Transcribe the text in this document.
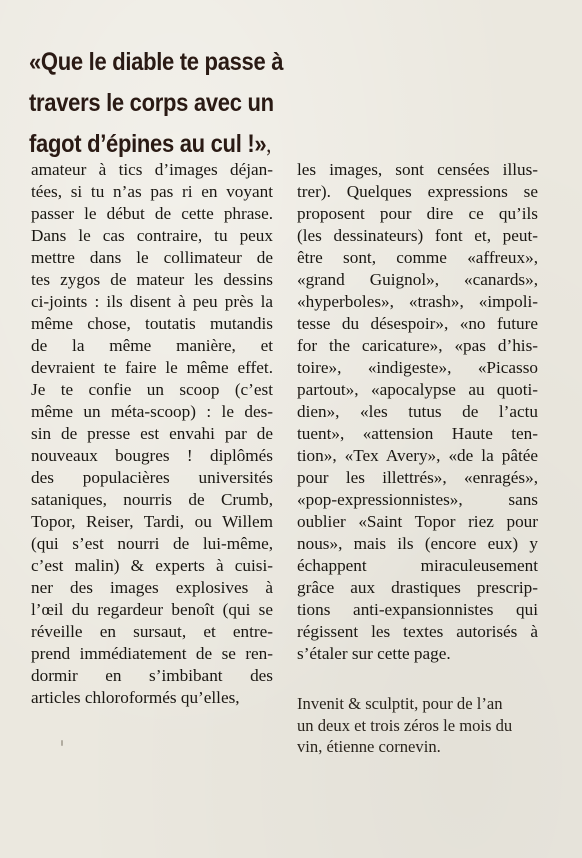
«Que le diable te passe à
travers le corps avec un
fagot d’épines au cul !»,
amateur à tics d’images déjan-
tées, si tu n’as pas ri en voyant
passer le début de cette phrase.
Dans le cas contraire, tu peux
mettre dans le collimateur de
tes zygos de mateur les dessins
ci-joints : ils disent à peu près la
même chose, toutatis mutandis
de la même manière, et
devraient te faire le même effet.
Je te confie un scoop (c’est
même un méta-scoop) : le des-
sin de presse est envahi par de
nouveaux bougres ! diplômés
des populacières universités
sataniques, nourris de Crumb,
Topor, Reiser, Tardi, ou Willem
(qui s’est nourri de lui-même,
c’est malin) & experts à cuisi-
ner des images explosives à
l’œil du regardeur benoît (qui se
réveille en sursaut, et entre-
prend immédiatement de se ren-
dormir en s’imbibant des
articles chloroformés qu’elles,
les images, sont censées illus-
trer). Quelques expressions se
proposent pour dire ce qu’ils
(les dessinateurs) font et, peut-
être sont, comme «affreux»,
«grand Guignol», «canards»,
«hyperboles», «trash», «impoli-
tesse du désespoir», «no future
for the caricature», «pas d’his-
toire», «indigeste», «Picasso
partout», «apocalypse au quoti-
dien», «les tutus de l’actu
tuent», «attension Haute ten-
tion», «Tex Avery», «de la pâtée
pour les illettrés», «enragés»,
«pop-expressionnistes», sans
oublier «Saint Topor riez pour
nous», mais ils (encore eux) y
échappent miraculeusement
grâce aux drastiques prescrip-
tions anti-expansionnistes qui
régissent les textes autorisés à
s’étaler sur cette page.
Invenit & sculptit, pour de l’an
un deux et trois zéros le mois du
vin, étienne cornevin.
